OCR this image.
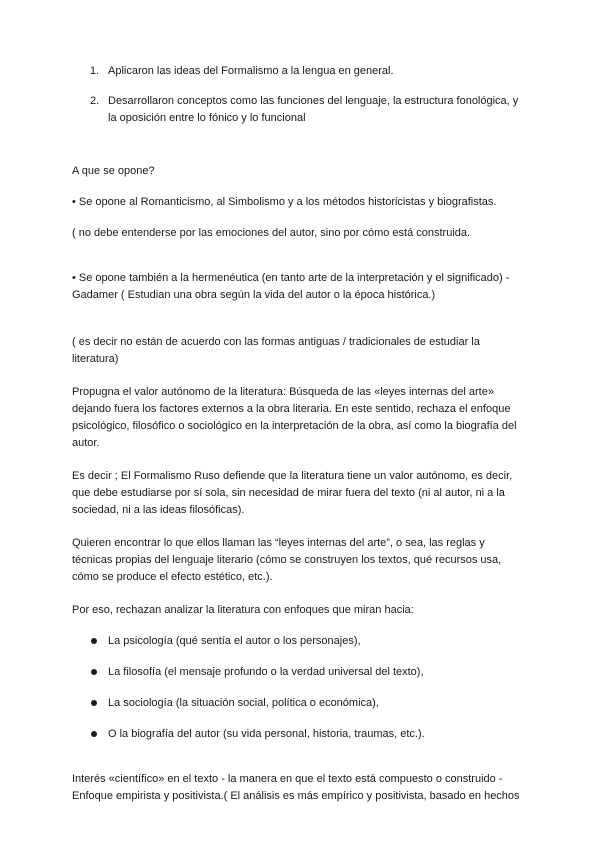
1. Aplicaron las ideas del Formalismo a la lengua en general.
2. Desarrollaron conceptos como las funciones del lenguaje, la estructura fonológica, y la oposición entre lo fónico y lo funcional

A que se opone?

• Se opone al Romanticismo, al Simbolismo y a los métodos historicistas y biografistas.

( no debe entenderse por las emociones del autor, sino por cómo está construida.

• Se opone también a la hermenéutica (en tanto arte de la interpretación y el significado) - Gadamer ( Estudian una obra según la vida del autor o la época histórica.)

( es decir no están de acuerdo con las formas antiguas / tradicionales de estudiar la literatura)

Propugna el valor autónomo de la literatura: Búsqueda de las «leyes internas del arte» dejando fuera los factores externos a la obra literaria. En este sentido, rechaza el enfoque psicológico, filosófico o sociológico en la interpretación de la obra, así como la biografía del autor.

Es decir ; El Formalismo Ruso defiende que la literatura tiene un valor autónomo, es decir, que debe estudiarse por sí sola, sin necesidad de mirar fuera del texto (ni al autor, ni a la sociedad, ni a las ideas filosóficas).

Quieren encontrar lo que ellos llaman las “leyes internas del arte”, o sea, las reglas y técnicas propias del lenguaje literario (cómo se construyen los textos, qué recursos usa, cómo se produce el efecto estético, etc.).

Por eso, rechazan analizar la literatura con enfoques que miran hacia:

La psicología (qué sentía el autor o los personajes),
La filosofía (el mensaje profundo o la verdad universal del texto),
La sociología (la situación social, política o económica),
O la biografía del autor (su vida personal, historia, traumas, etc.).

Interés «científico» en el texto - la manera en que el texto está compuesto o construido - Enfoque empirista y positivista.( El análisis es más empírico y positivista, basado en hechos
